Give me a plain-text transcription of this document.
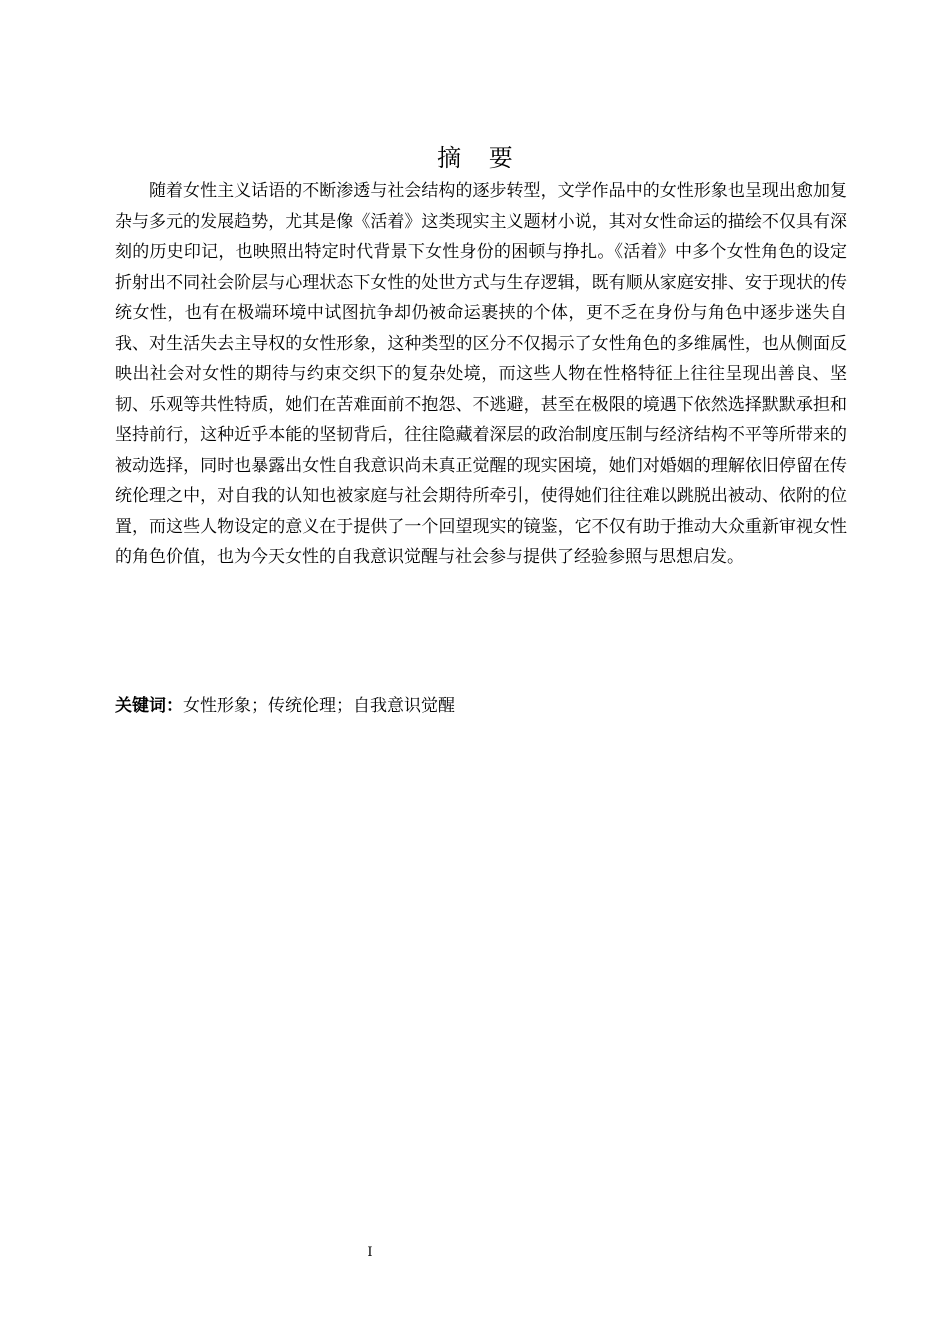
摘 要

随着女性主义话语的不断渗透与社会结构的逐步转型，文学作品中的女性形象也呈现出愈加复杂与多元的发展趋势，尤其是像《活着》这类现实主义题材小说，其对女性命运的描绘不仅具有深刻的历史印记，也映照出特定时代背景下女性身份的困顿与挣扎。《活着》中多个女性角色的设定折射出不同社会阶层与心理状态下女性的处世方式与生存逻辑，既有顺从家庭安排、安于现状的传统女性，也有在极端环境中试图抗争却仍被命运裹挟的个体，更不乏在身份与角色中逐步迷失自我、对生活失去主导权的女性形象，这种类型的区分不仅揭示了女性角色的多维属性，也从侧面反映出社会对女性的期待与约束交织下的复杂处境，而这些人物在性格特征上往往呈现出善良、坚韧、乐观等共性特质，她们在苦难面前不抱怨、不逃避，甚至在极限的境遇下依然选择默默承担和坚持前行，这种近乎本能的坚韧背后，往往隐藏着深层的政治制度压制与经济结构不平等所带来的被动选择，同时也暴露出女性自我意识尚未真正觉醒的现实困境，她们对婚姻的理解依旧停留在传统伦理之中，对自我的认知也被家庭与社会期待所牵引，使得她们往往难以跳脱出被动、依附的位置，而这些人物设定的意义在于提供了一个回望现实的镜鉴，它不仅有助于推动大众重新审视女性的角色价值，也为今天女性的自我意识觉醒与社会参与提供了经验参照与思想启发。

关键词：女性形象；传统伦理；自我意识觉醒
I
